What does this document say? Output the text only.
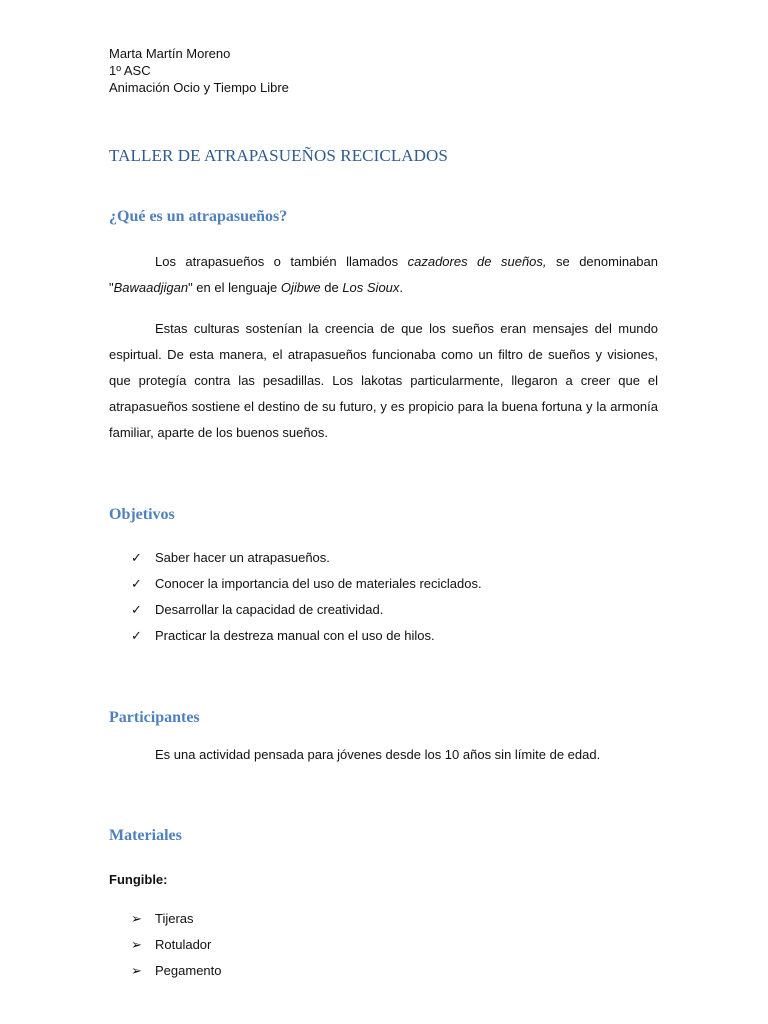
Marta Martín Moreno
1º ASC
Animación Ocio y Tiempo Libre
TALLER DE ATRAPASUEÑOS RECICLADOS
¿Qué es un atrapasueños?

Los atrapasueños o también llamados cazadores de sueños, se denominaban "Bawaadjigan" en el lenguaje Ojibwe de Los Sioux.

Estas culturas sostenían la creencia de que los sueños eran mensajes del mundo espirtual. De esta manera, el atrapasueños funcionaba como un filtro de sueños y visiones, que protegía contra las pesadillas. Los lakotas particularmente, llegaron a creer que el atrapasueños sostiene el destino de su futuro, y es propicio para la buena fortuna y la armonía familiar, aparte de los buenos sueños.

Objetivos
✓ Saber hacer un atrapasueños.
✓ Conocer la importancia del uso de materiales reciclados.
✓ Desarrollar la capacidad de creatividad.
✓ Practicar la destreza manual con el uso de hilos.
Participantes
Es una actividad pensada para jóvenes desde los 10 años sin límite de edad.
Materiales
Fungible:
➢ Tijeras
➢ Rotulador
➢ Pegamento
